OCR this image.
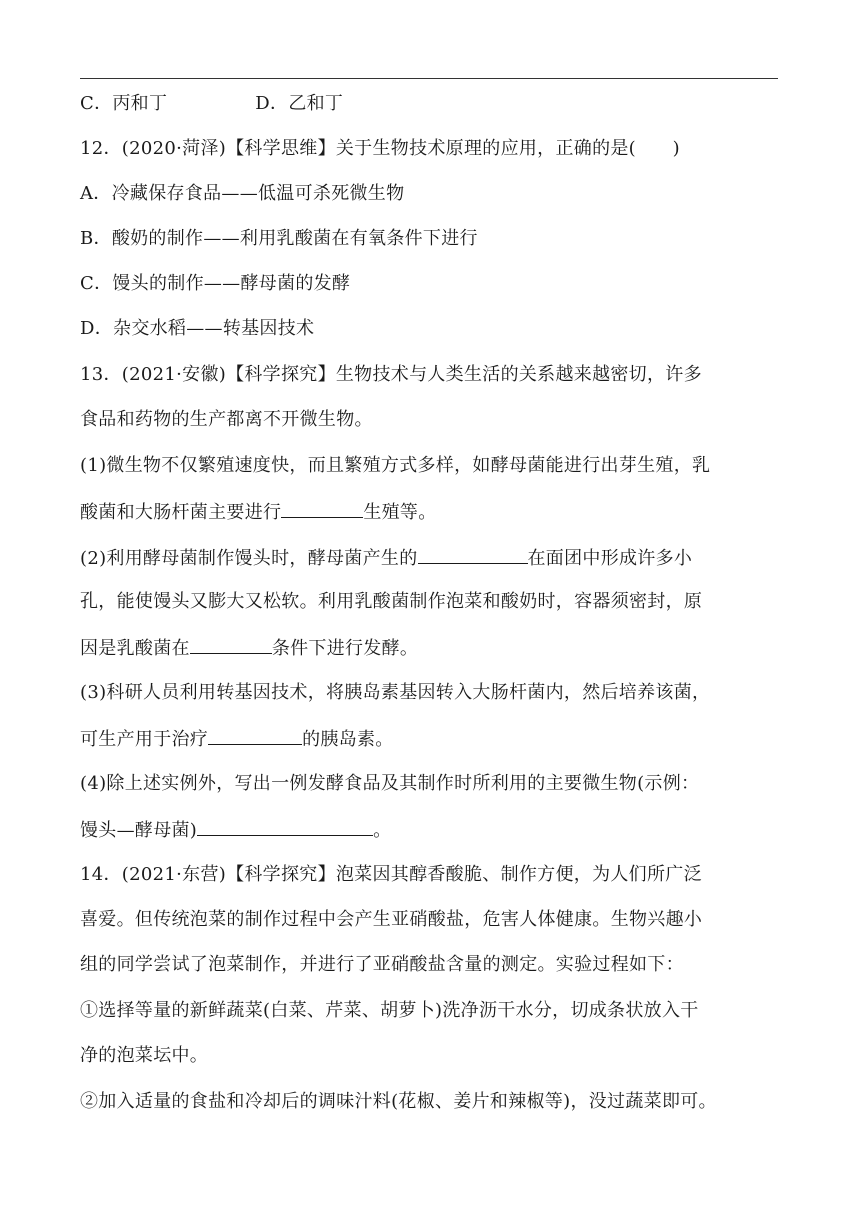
C．丙和丁	D．乙和丁
12．(2020·菏泽)【科学思维】关于生物技术原理的应用，正确的是(　　)
A．冷藏保存食品——低温可杀死微生物
B．酸奶的制作——利用乳酸菌在有氧条件下进行
C．馒头的制作——酵母菌的发酵
D．杂交水稻——转基因技术
13．(2021·安徽)【科学探究】生物技术与人类生活的关系越来越密切，许多
食品和药物的生产都离不开微生物。
(1)微生物不仅繁殖速度快，而且繁殖方式多样，如酵母菌能进行出芽生殖，乳
酸菌和大肠杆菌主要进行	生殖等。
(2)利用酵母菌制作馒头时，酵母菌产生的	在面团中形成许多小
孔，能使馒头又膨大又松软。利用乳酸菌制作泡菜和酸奶时，容器须密封，原
因是乳酸菌在	条件下进行发酵。
(3)科研人员利用转基因技术，将胰岛素基因转入大肠杆菌内，然后培养该菌，
可生产用于治疗	的胰岛素。
(4)除上述实例外，写出一例发酵食品及其制作时所利用的主要微生物(示例：
馒头—酵母菌)	。
14．(2021·东营)【科学探究】泡菜因其醇香酸脆、制作方便，为人们所广泛
喜爱。但传统泡菜的制作过程中会产生亚硝酸盐，危害人体健康。生物兴趣小
组的同学尝试了泡菜制作，并进行了亚硝酸盐含量的测定。实验过程如下：
①选择等量的新鲜蔬菜(白菜、芹菜、胡萝卜)洗净沥干水分，切成条状放入干
净的泡菜坛中。
②加入适量的食盐和冷却后的调味汁料(花椒、姜片和辣椒等)，没过蔬菜即可。
